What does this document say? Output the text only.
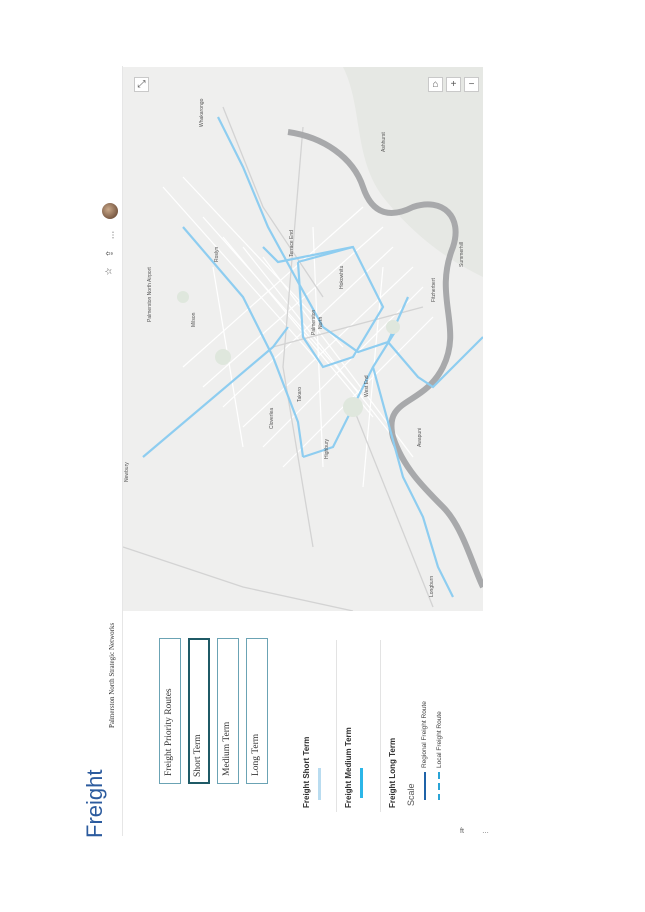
Freight
☆
⇪
…
Palmerston North Strategic Networks
Freight Priority Routes Short Term Medium Term Long Term	Freight Short Term	Freight Medium Term	Freight Long Term Scale
Regional Freight Route Local Freight Route
ft	…
Whakarongo
Ashhurst
Terrace End
Roslyn
Hokowhitu
Palmerston North
Milson
Palmerston North Airport
Takaro	West End
Cloverlea
Highbury
Awapuni
Fitzherbert
Summerhill
Newbury
Longburn
⤢	⌂	+ −
